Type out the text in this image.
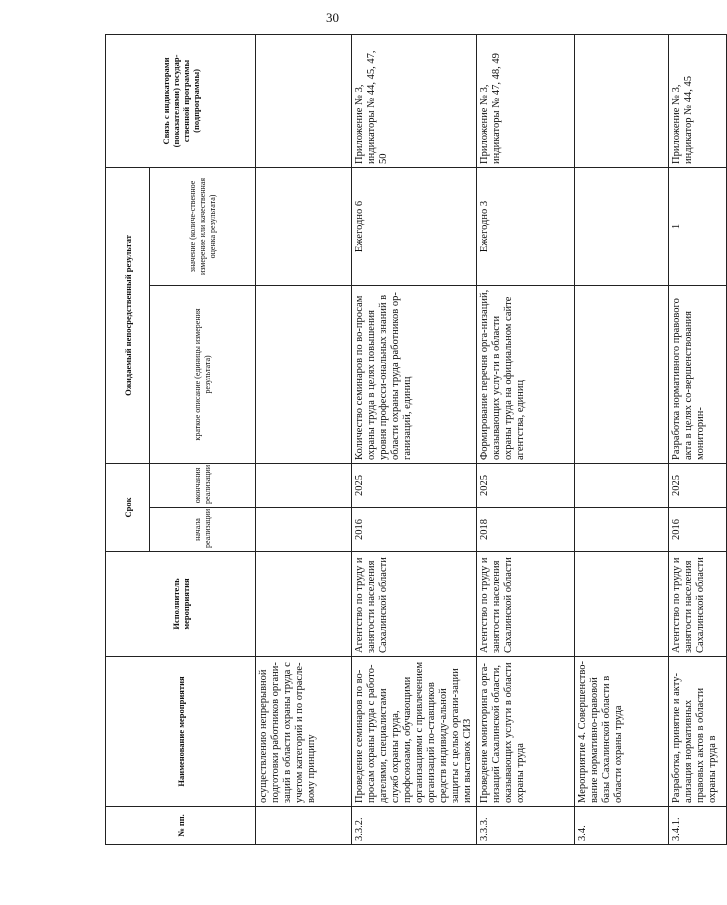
30
№ пп.	Наименование мероприятия	Исполнитель мероприятия	Срок		Ожидаемый непосредственный результат		Связь с индикаторами (показателями) государ-ственной программы (подпрограммы)
			начала реализации	окончания реализации	краткое описание (единицы измерения результата)	значение (количе-ственное измерение или качественная оценка результата)	

	осуществлению непрерывной подготовки работников органи-заций в области охраны труда с учетом категорий и по отрасле-вому принципу						
3.3.2.	Проведение семинаров по во-просам охраны труда с работо-дателями, специалистами служб охраны труда, профсоюзами, обучающими организациями с привлечением организаций по-ставщиков средств индивиду-альной защиты с целью органи-зации ими выставок СИЗ	Агентство по труду и занятости населения Сахалинской области	2016	2025	Количество семинаров по во-просам охраны труда в целях повышения уровня професси-ональных знаний в области охраны труда работников ор-ганизаций, единиц	Ежегодно 6	Приложение № 3, индикаторы № 44, 45, 47, 50
3.3.3.	Проведение мониторинга орга-низаций Сахалинской области, оказывающих услуги в области охраны труда	Агентство по труду и занятости населения Сахалинской области	2018	2025	Формирование перечня орга-низаций, оказывающих услу-ги в области охраны труда на официальном сайте агентства, единиц	Ежегодно 3	Приложение № 3, индикаторы № 47, 48, 49
3.4.	Мероприятие 4. Совершенство-вание нормативно-правовой базы Сахалинской области в области охраны труда						
3.4.1.	Разработка, принятие и акту-ализация нормативных правовых актов в области охраны труда в	Агентство по труду и занятости населения Сахалинской области	2016	2025	Разработка нормативного правового акта в целях со-вершенствования мониторин-	1	Приложение № 3, индикатор № 44, 45
